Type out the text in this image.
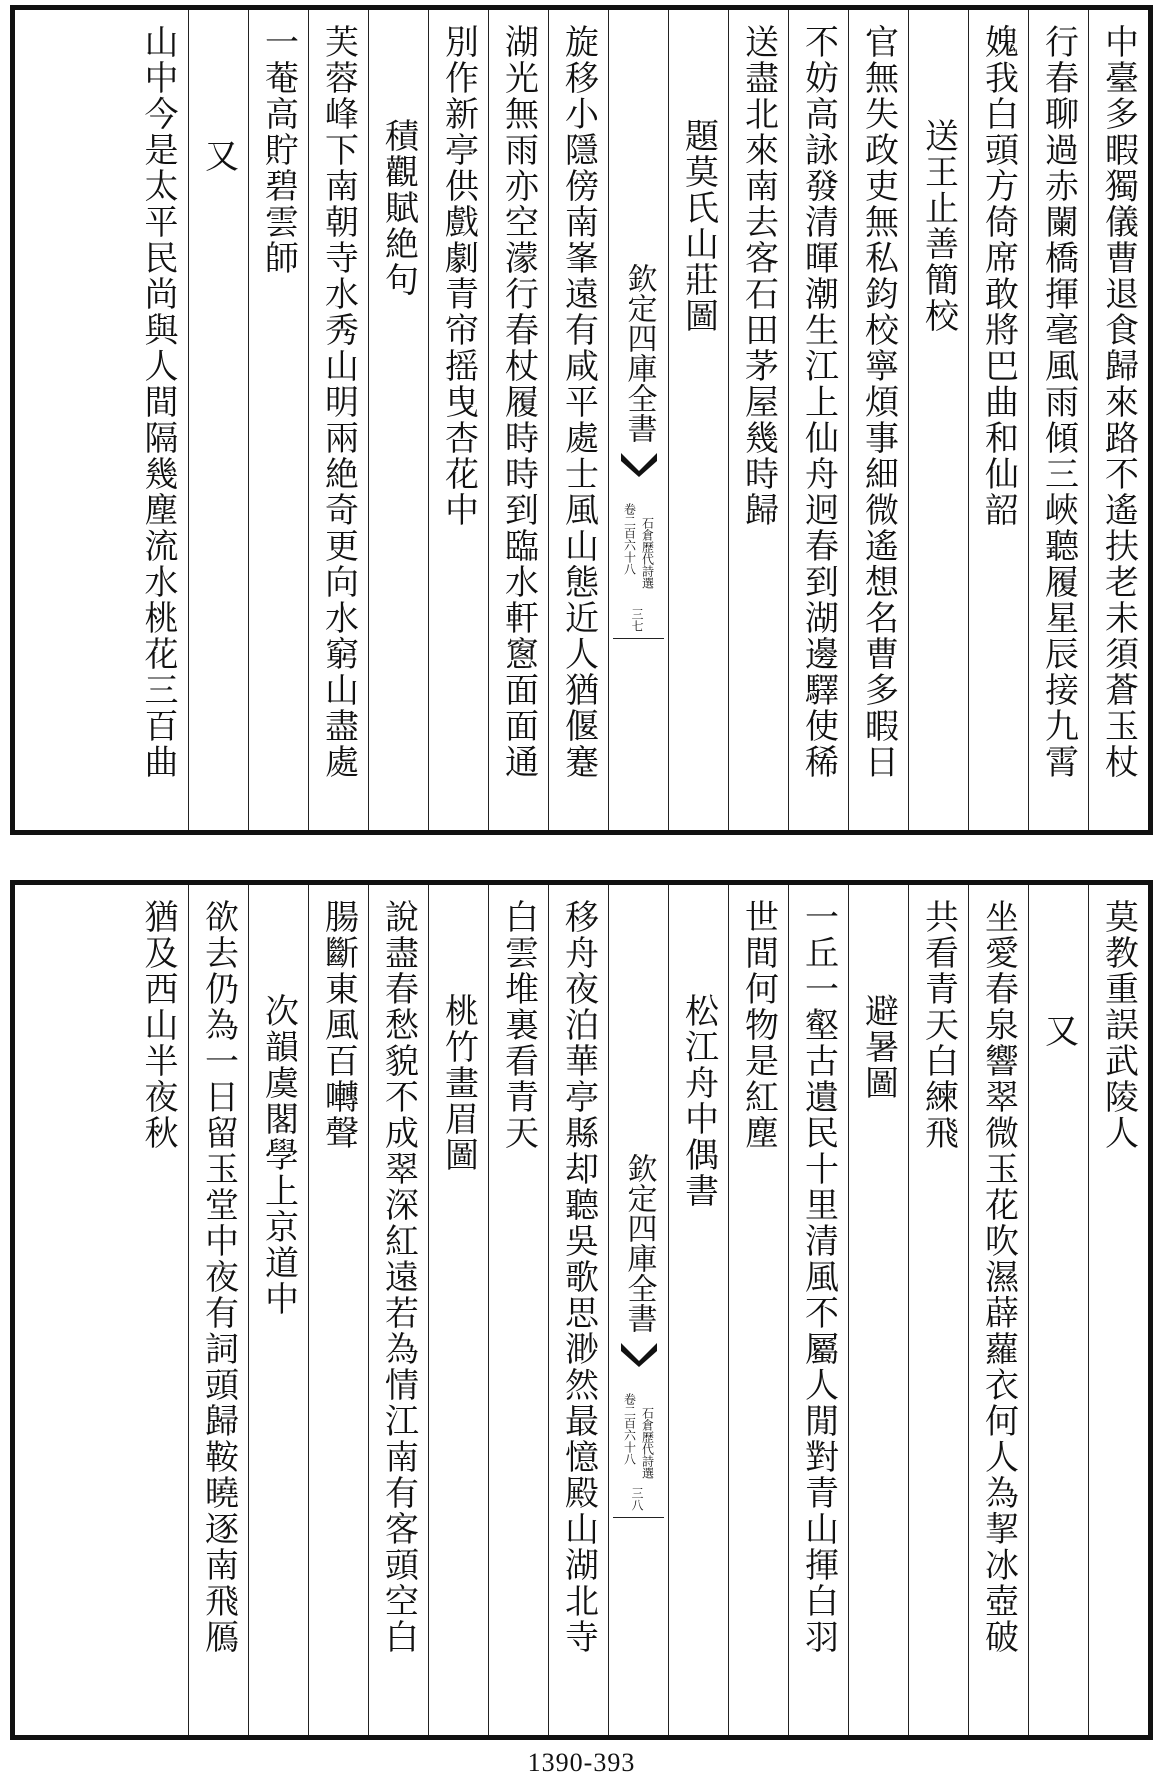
中臺多暇獨儀曹退食歸來路不遙扶老未須蒼玉杖
行春聊過赤闌橋揮毫風雨傾三峽聽履星辰接九霄
媿我白頭方倚席敢將巴曲和仙韶
送王止善簡校
官無失政吏無私鈞校寧煩事細微遙想名曹多暇日
不妨高詠發清暉潮生江上仙舟迥春到湖邊驛使稀
送盡北來南去客石田茅屋幾時歸
題莫氏山莊圖
欽定四庫全書
石倉歷代詩選
卷二百六十八
三七
旋移小隱傍南峯遠有咸平處士風山態近人猶偃蹇
湖光無雨亦空濛行春杖履時時到臨水軒窻面面通
別作新亭供戲劇青帘摇曳杏花中
積觀賦絶句
芙蓉峰下南朝寺水秀山明兩絶奇更向水窮山盡處
一菴高貯碧雲師
又
山中今是太平民尚與人間隔幾塵流水桃花三百曲
莫教重誤武陵人
又
坐愛春泉響翠微玉花吹濕薜蘿衣何人為挈冰壺破
共看青天白練飛
避暑圖
一丘一壑古遺民十里清風不屬人閒對青山揮白羽
世間何物是紅塵
松江舟中偶書
欽定四庫全書
石倉歷代詩選
卷二百六十八
三八
移舟夜泊華亭縣却聽吳歌思渺然最憶殿山湖北寺
白雲堆裏看青天
桃竹畫眉圖
說盡春愁貌不成翠深紅遠若為情江南有客頭空白
腸斷東風百囀聲
次韻虞閣學上京道中
欲去仍為一日留玉堂中夜有詞頭歸鞍曉逐南飛鴈
猶及西山半夜秋
1390-393
